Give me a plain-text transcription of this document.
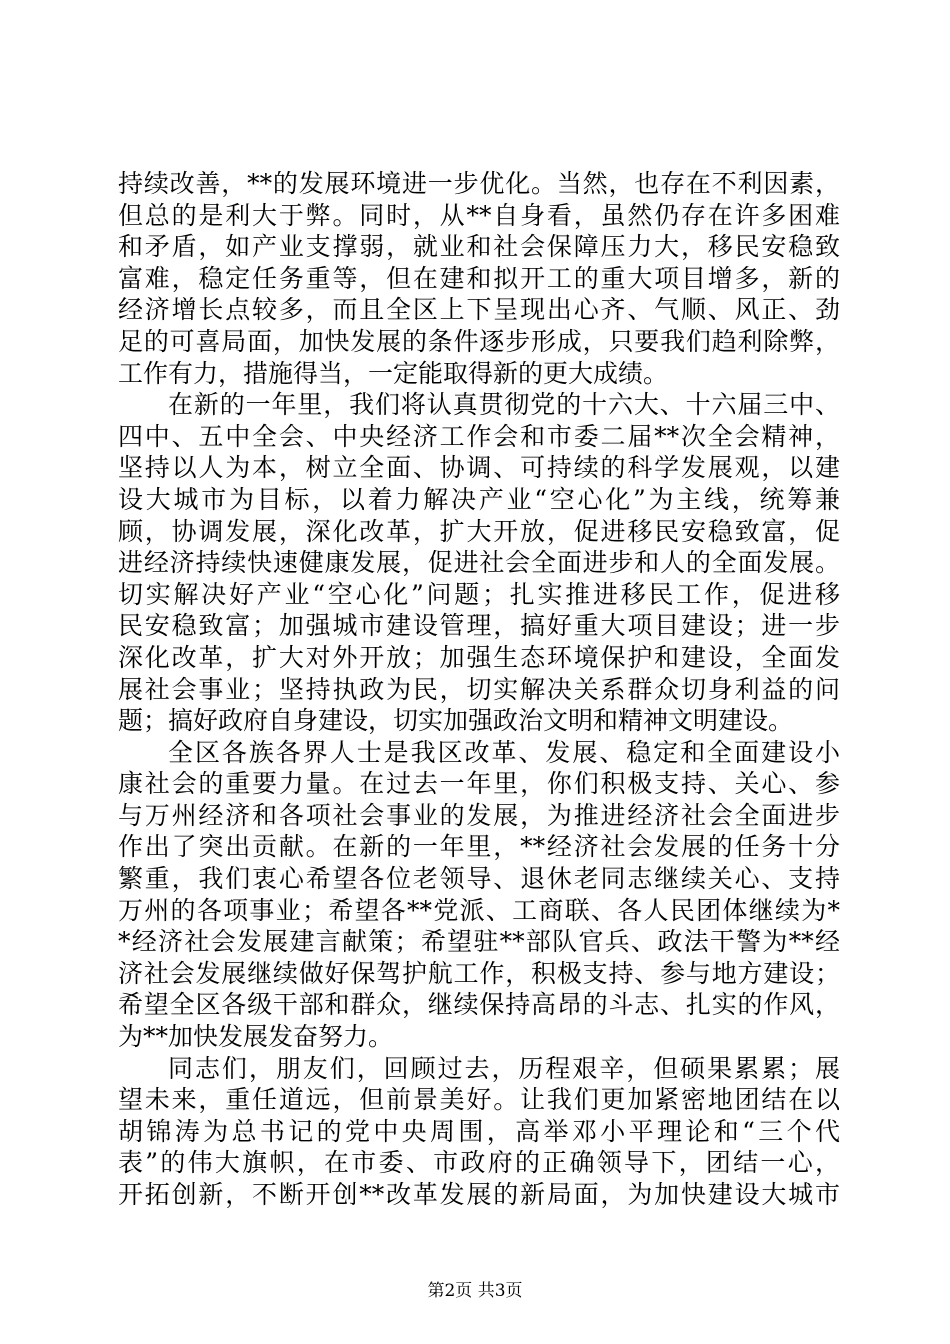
持续改善，**的发展环境进一步优化。当然，也存在不利因素，
但总的是利大于弊。同时，从**自身看，虽然仍存在许多困难
和矛盾，如产业支撑弱，就业和社会保障压力大，移民安稳致
富难，稳定任务重等，但在建和拟开工的重大项目增多，新的
经济增长点较多，而且全区上下呈现出心齐、气顺、风正、劲
足的可喜局面，加快发展的条件逐步形成，只要我们趋利除弊，
工作有力，措施得当，一定能取得新的更大成绩。
在新的一年里，我们将认真贯彻党的十六大、十六届三中、
四中、五中全会、中央经济工作会和市委二届**次全会精神，
坚持以人为本，树立全面、协调、可持续的科学发展观，以建
设大城市为目标，以着力解决产业“空心化”为主线，统筹兼
顾，协调发展，深化改革，扩大开放，促进移民安稳致富，促
进经济持续快速健康发展，促进社会全面进步和人的全面发展。
切实解决好产业“空心化”问题；扎实推进移民工作，促进移
民安稳致富；加强城市建设管理，搞好重大项目建设；进一步
深化改革，扩大对外开放；加强生态环境保护和建设，全面发
展社会事业；坚持执政为民，切实解决关系群众切身利益的问
题；搞好政府自身建设，切实加强政治文明和精神文明建设。
全区各族各界人士是我区改革、发展、稳定和全面建设小
康社会的重要力量。在过去一年里，你们积极支持、关心、参
与万州经济和各项社会事业的发展，为推进经济社会全面进步
作出了突出贡献。在新的一年里，**经济社会发展的任务十分
繁重，我们衷心希望各位老领导、退休老同志继续关心、支持
万州的各项事业；希望各**党派、工商联、各人民团体继续为*
*经济社会发展建言献策；希望驻**部队官兵、政法干警为**经
济社会发展继续做好保驾护航工作，积极支持、参与地方建设；
希望全区各级干部和群众，继续保持高昂的斗志、扎实的作风，
为**加快发展发奋努力。
同志们，朋友们，回顾过去，历程艰辛，但硕果累累；展
望未来，重任道远，但前景美好。让我们更加紧密地团结在以
胡锦涛为总书记的党中央周围，高举邓小平理论和“三个代
表”的伟大旗帜，在市委、市政府的正确领导下，团结一心，
开拓创新，不断开创**改革发展的新局面，为加快建设大城市
第2页 共3页
